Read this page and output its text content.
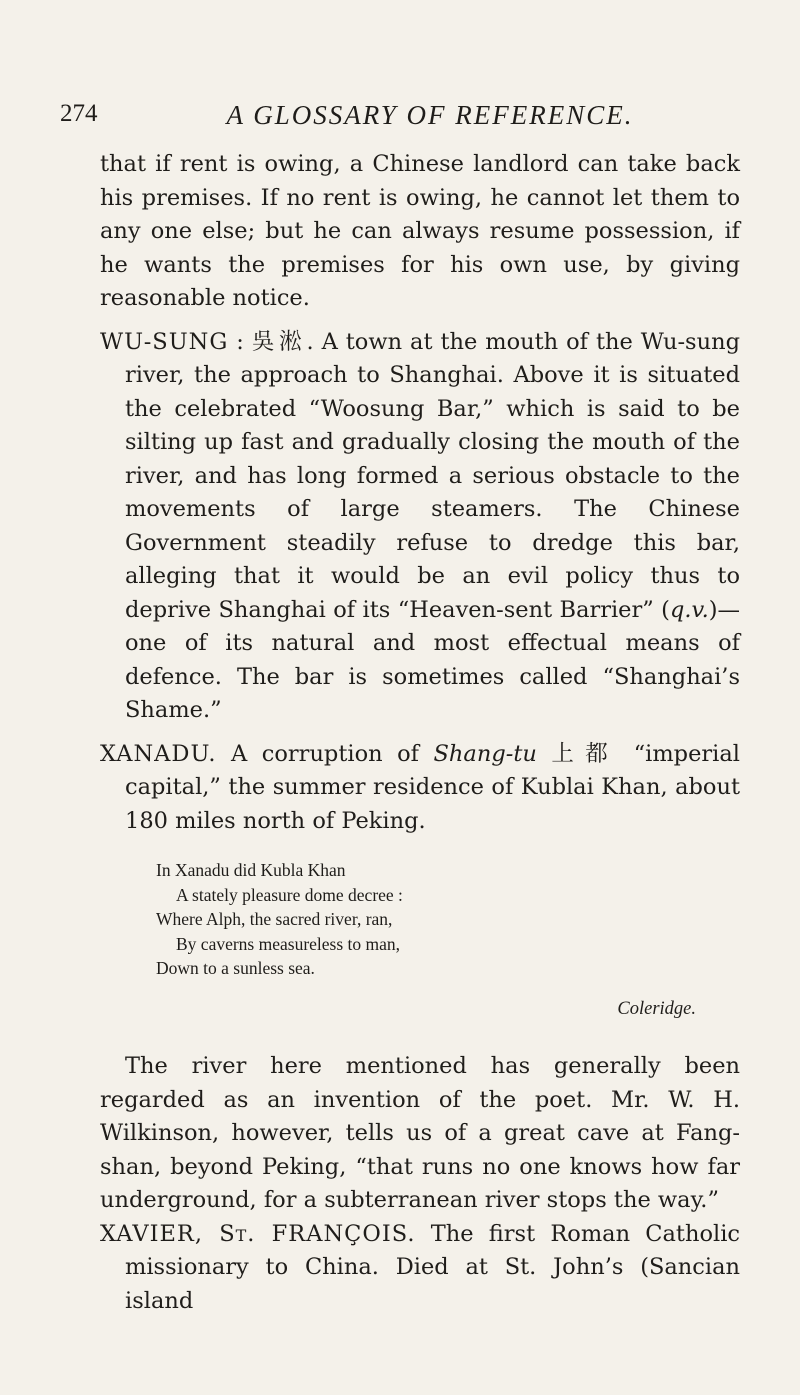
274	A GLOSSARY OF REFERENCE.

that if rent is owing, a Chinese landlord can take back his premises. If no rent is owing, he cannot let them to any one else; but he can always resume possession, if he wants the premises for his own use, by giving reasonable notice.

WU-SUNG : 吳淞. A town at the mouth of the Wu-sung river, the approach to Shanghai. Above it is situated the celebrated “Woosung Bar,” which is said to be silting up fast and gradually closing the mouth of the river, and has long formed a serious obstacle to the movements of large steamers. The Chinese Government steadily refuse to dredge this bar, alleging that it would be an evil policy thus to deprive Shanghai of its “Heaven-sent Barrier” (q.v.)—one of its natural and most effectual means of defence. The bar is sometimes called “Shanghai’s Shame.”

XANADU. A corruption of Shang-tu 上都 “imperial capital,” the summer residence of Kublai Khan, about 180 miles north of Peking.

In Xanadu did Kubla Khan
A stately pleasure dome decree :
Where Alph, the sacred river, ran,
By caverns measureless to man,
Down to a sunless sea.
Coleridge.

The river here mentioned has generally been regarded as an invention of the poet. Mr. W. H. Wilkinson, however, tells us of a great cave at Fang-shan, beyond Peking, “that runs no one knows how far underground, for a subterranean river stops the way.”

XAVIER, St. FRANÇOIS. The first Roman Catholic missionary to China. Died at St. John’s (Sancian island
